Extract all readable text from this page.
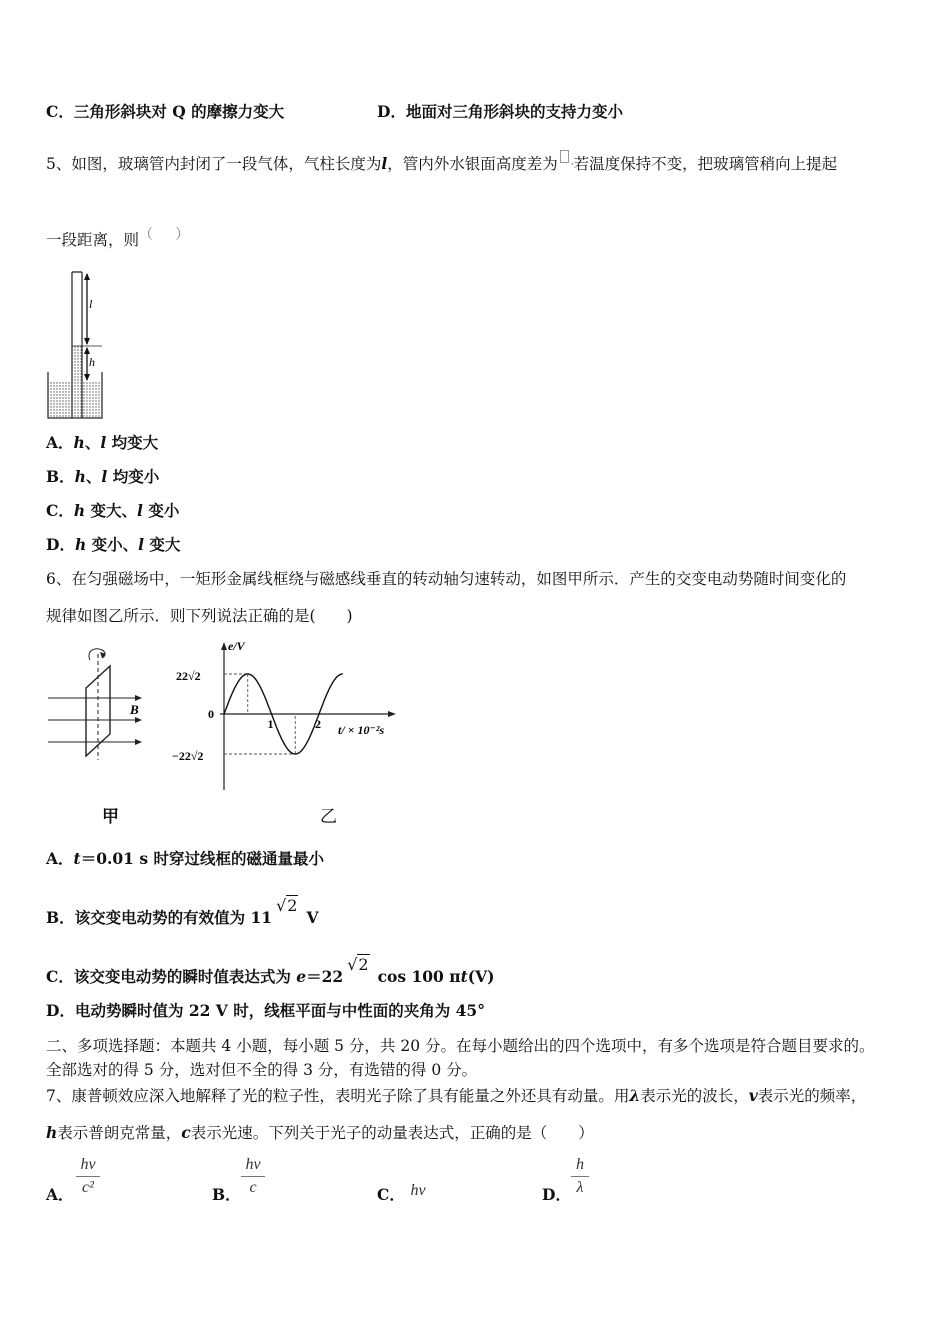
C．三角形斜块对 Q 的摩擦力变大	D．地面对三角形斜块的支持力变小
5、如图，玻璃管内封闭了一段气体，气柱长度为l，管内外水银面高度差为 ·若温度保持不变，把玻璃管稍向上提起
一段距离，则（     ）
l
h
A．h、l 均变大
B．h、l 均变小
C．h 变大、l 变小
D．h 变小、l 变大
6、在匀强磁场中，一矩形金属线框绕与磁感线垂直的转动轴匀速转动，如图甲所示．产生的交变电动势随时间变化的
规律如图乙所示．则下列说法正确的是(　　)
B
甲
e/V
22√2
0
−22√2
1	2 t/ × 10⁻²s
乙
A．t＝0.01 s 时穿过线框的磁通量最小
B．该交变电动势的有效值为 11√2V
C．该交变电动势的瞬时值表达式为 e＝22√2cos 100 πt(V)
D．电动势瞬时值为 22 V 时，线框平面与中性面的夹角为 45°
二、多项选择题：本题共 4 小题，每小题 5 分，共 20 分。在每小题给出的四个选项中，有多个选项是符合题目要求的。
全部选对的得 5 分，选对但不全的得 3 分，有选错的得 0 分。
7、康普顿效应深入地解释了光的粒子性，表明光子除了具有能量之外还具有动量。用λ表示光的波长，v表示光的频率，
h表示普朗克常量，c表示光速。下列关于光子的动量表达式，正确的是（　　）
A．
hν
c²	B．
hν
c	C． hν	D．
h
λ
